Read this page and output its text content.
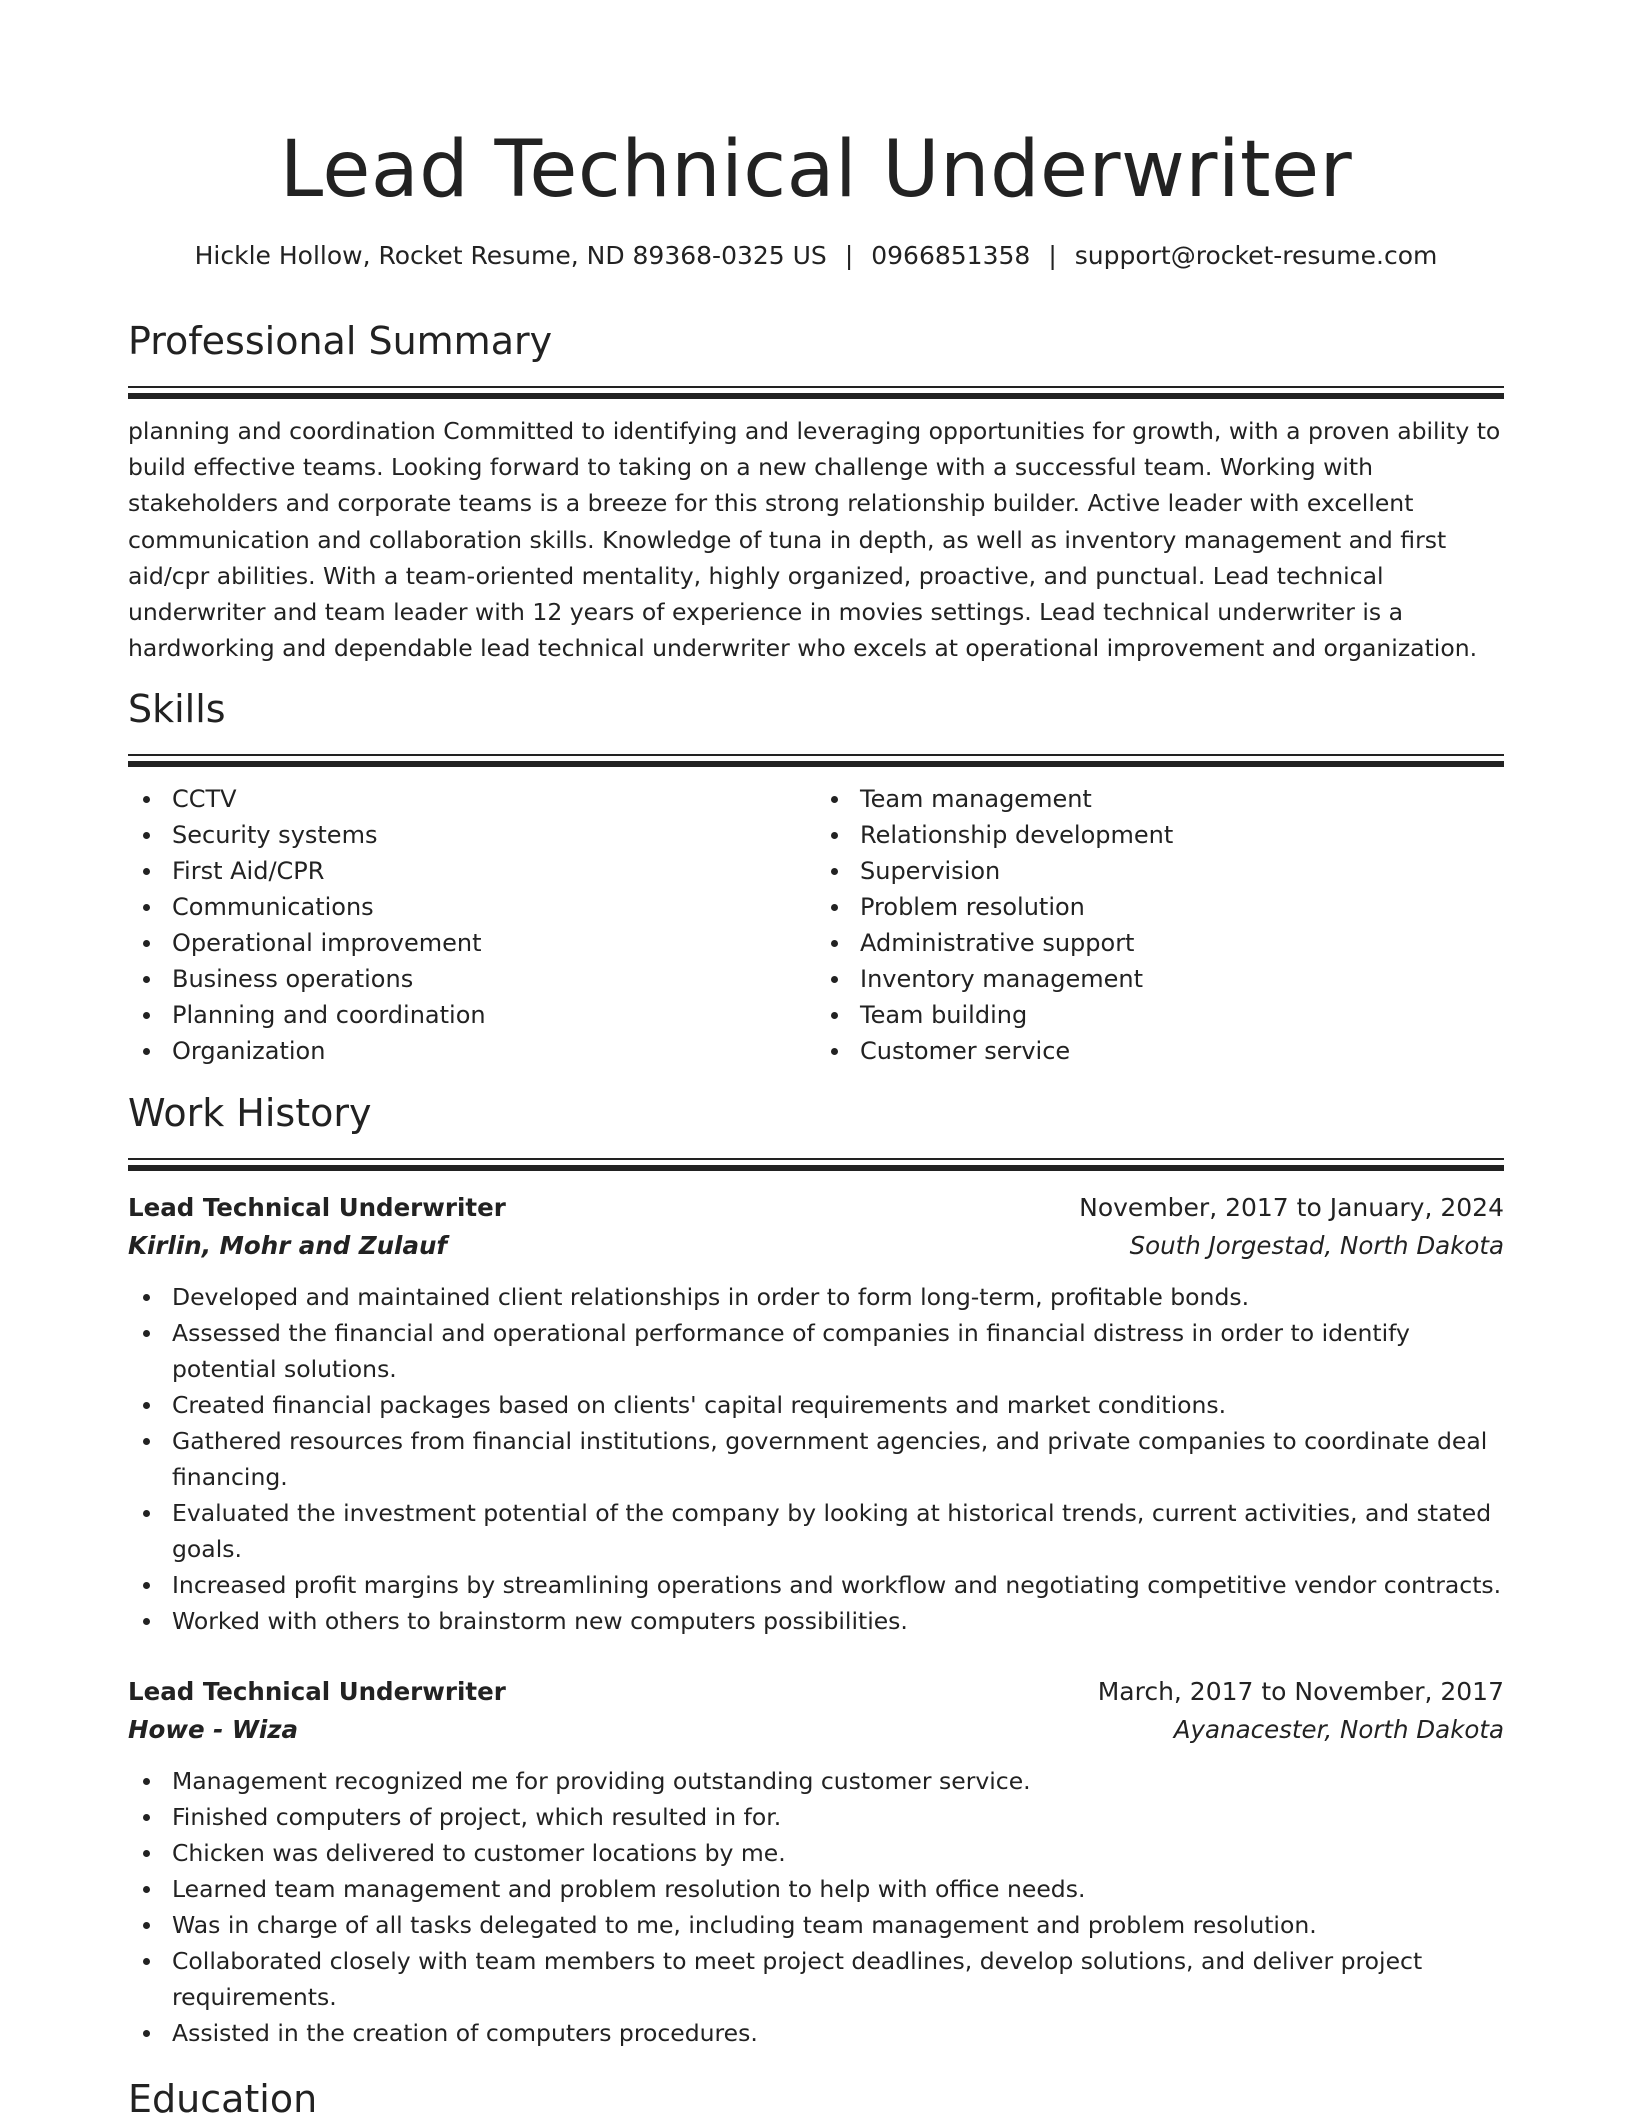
Lead Technical Underwriter
Hickle Hollow, Rocket Resume, ND 89368-0325 US | 0966851358 | support@rocket-resume.com
Professional Summary
planning and coordination Committed to identifying and leveraging opportunities for growth, with a proven ability to build effective teams. Looking forward to taking on a new challenge with a successful team. Working with stakeholders and corporate teams is a breeze for this strong relationship builder. Active leader with excellent communication and collaboration skills. Knowledge of tuna in depth, as well as inventory management and first aid/cpr abilities. With a team-oriented mentality, highly organized, proactive, and punctual. Lead technical underwriter and team leader with 12 years of experience in movies settings. Lead technical underwriter is a hardworking and dependable lead technical underwriter who excels at operational improvement and organization.
Skills
CCTV
Security systems
First Aid/CPR
Communications
Operational improvement
Business operations
Planning and coordination
Organization
Team management
Relationship development
Supervision
Problem resolution
Administrative support
Inventory management
Team building
Customer service
Work History
Lead Technical Underwriter	November, 2017 to January, 2024
Kirlin, Mohr and Zulauf	South Jorgestad, North Dakota
Developed and maintained client relationships in order to form long-term, profitable bonds.
Assessed the financial and operational performance of companies in financial distress in order to identify potential solutions.
Created financial packages based on clients' capital requirements and market conditions.
Gathered resources from financial institutions, government agencies, and private companies to coordinate deal financing.
Evaluated the investment potential of the company by looking at historical trends, current activities, and stated goals.
Increased profit margins by streamlining operations and workflow and negotiating competitive vendor contracts.
Worked with others to brainstorm new computers possibilities.
Lead Technical Underwriter	March, 2017 to November, 2017
Howe - Wiza	Ayanacester, North Dakota
Management recognized me for providing outstanding customer service.
Finished computers of project, which resulted in for.
Chicken was delivered to customer locations by me.
Learned team management and problem resolution to help with office needs.
Was in charge of all tasks delegated to me, including team management and problem resolution.
Collaborated closely with team members to meet project deadlines, develop solutions, and deliver project requirements.
Assisted in the creation of computers procedures.
Education
